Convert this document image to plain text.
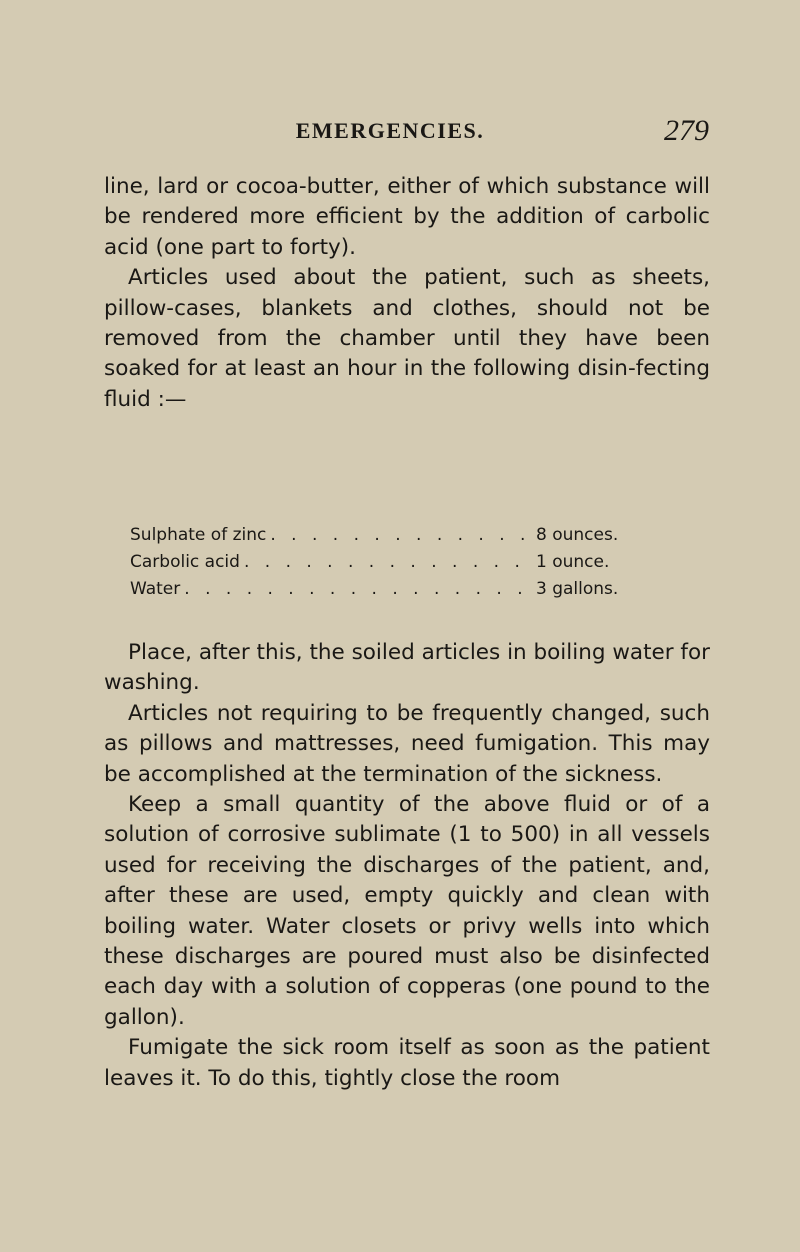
EMERGENCIES.	279

line, lard or cocoa-butter, either of which substance will be rendered more efficient by the addition of carbolic acid (one part to forty).

Articles used about the patient, such as sheets, pillow-cases, blankets and clothes, should not be removed from the chamber until they have been soaked for at least an hour in the following disin-fecting fluid :—

Sulphate of zinc . . .	8 ounces.
Carbolic acid . . .	1 ounce.
Water . . .	3 gallons.

Place, after this, the soiled articles in boiling water for washing.

Articles not requiring to be frequently changed, such as pillows and mattresses, need fumigation. This may be accomplished at the termination of the sickness.

Keep a small quantity of the above fluid or of a solution of corrosive sublimate (1 to 500) in all vessels used for receiving the discharges of the patient, and, after these are used, empty quickly and clean with boiling water. Water closets or privy wells into which these discharges are poured must also be disinfected each day with a solution of copperas (one pound to the gallon).

Fumigate the sick room itself as soon as the patient leaves it. To do this, tightly close the room
